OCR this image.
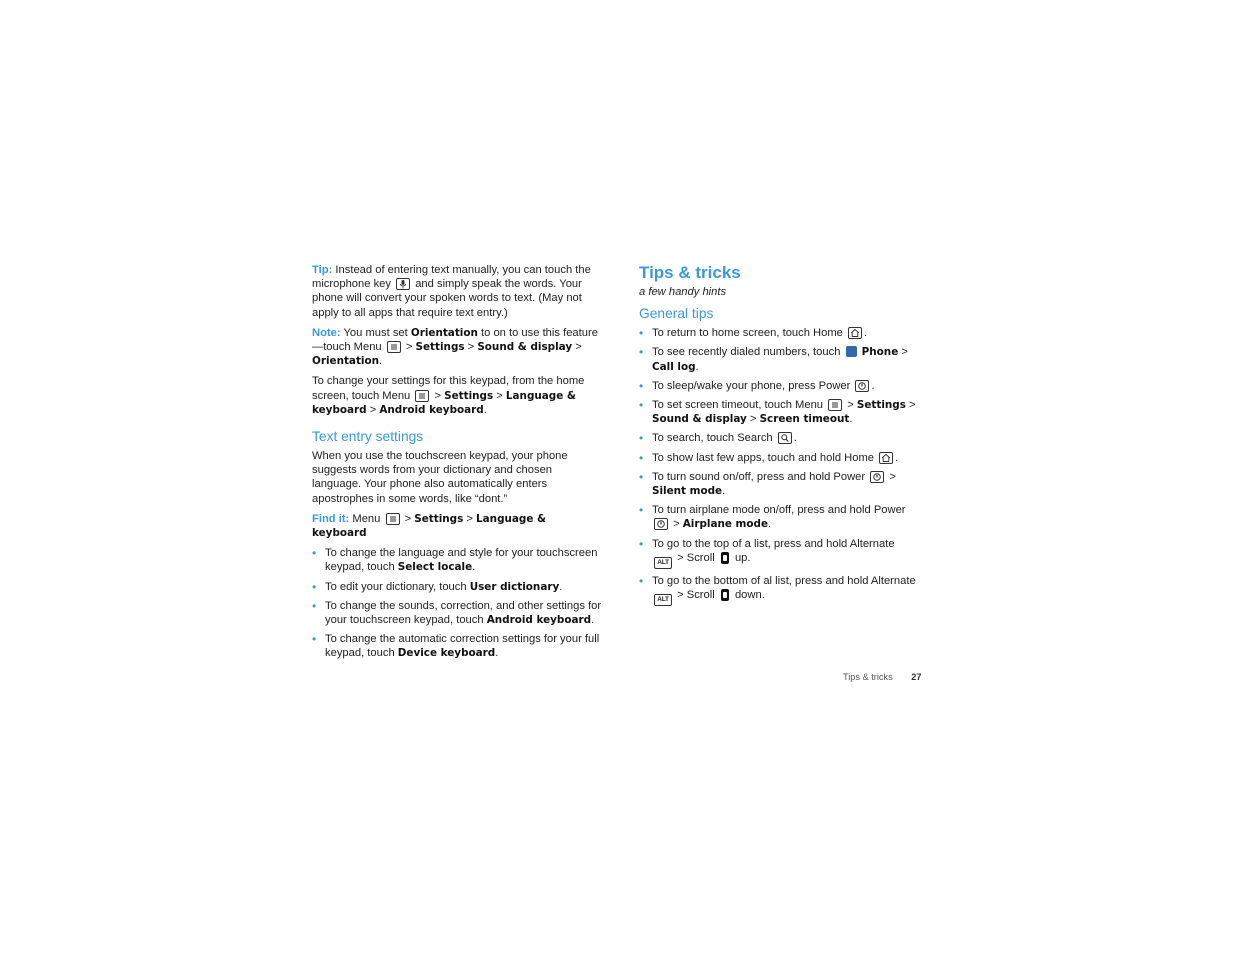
Tip: Instead of entering text manually, you can touch the microphone key and simply speak the words. Your phone will convert your spoken words to text. (May not apply to all apps that require text entry.)

Note: You must set Orientation to on to use this feature—touch Menu
> Settings > Sound & display >  Orientation.

To change your settings for this keypad, from the home screen, touch Menu
> Settings > Language & keyboard > Android keyboard.

Text entry settings

When you use the touchscreen keypad, your phone suggests words from your dictionary and chosen language. Your phone also automatically enters apostrophes in some words, like “dont.”

Find it: Menu
> Settings > Language & keyboard

• To change the language and style for your touchscreen keypad, touch Select locale.
• To edit your dictionary, touch User dictionary.
• To change the sounds, correction, and other settings for your touchscreen keypad, touch Android keyboard.
• To change the automatic correction settings for your full keypad, touch Device keyboard.
Tips & tricks
a few handy hints
General tips
• To return to home screen, touch Home .
• To see recently dialed numbers, touch Phone > Call log.
• To sleep/wake your phone, press Power .
• To set screen timeout, touch Menu
> Settings > Sound & display > Screen timeout.
• To search, touch Search .
• To show last few apps, touch and hold Home .
• To turn sound on/off, press and hold Power
> Silent mode.
• To turn airplane mode on/off, press and hold Power
> Airplane mode.
• To go to the top of a list, press and hold Alternate ALT > Scroll up.
• To go to the bottom of al list, press and hold Alternate ALT > Scroll down.
Tips & tricks 27
